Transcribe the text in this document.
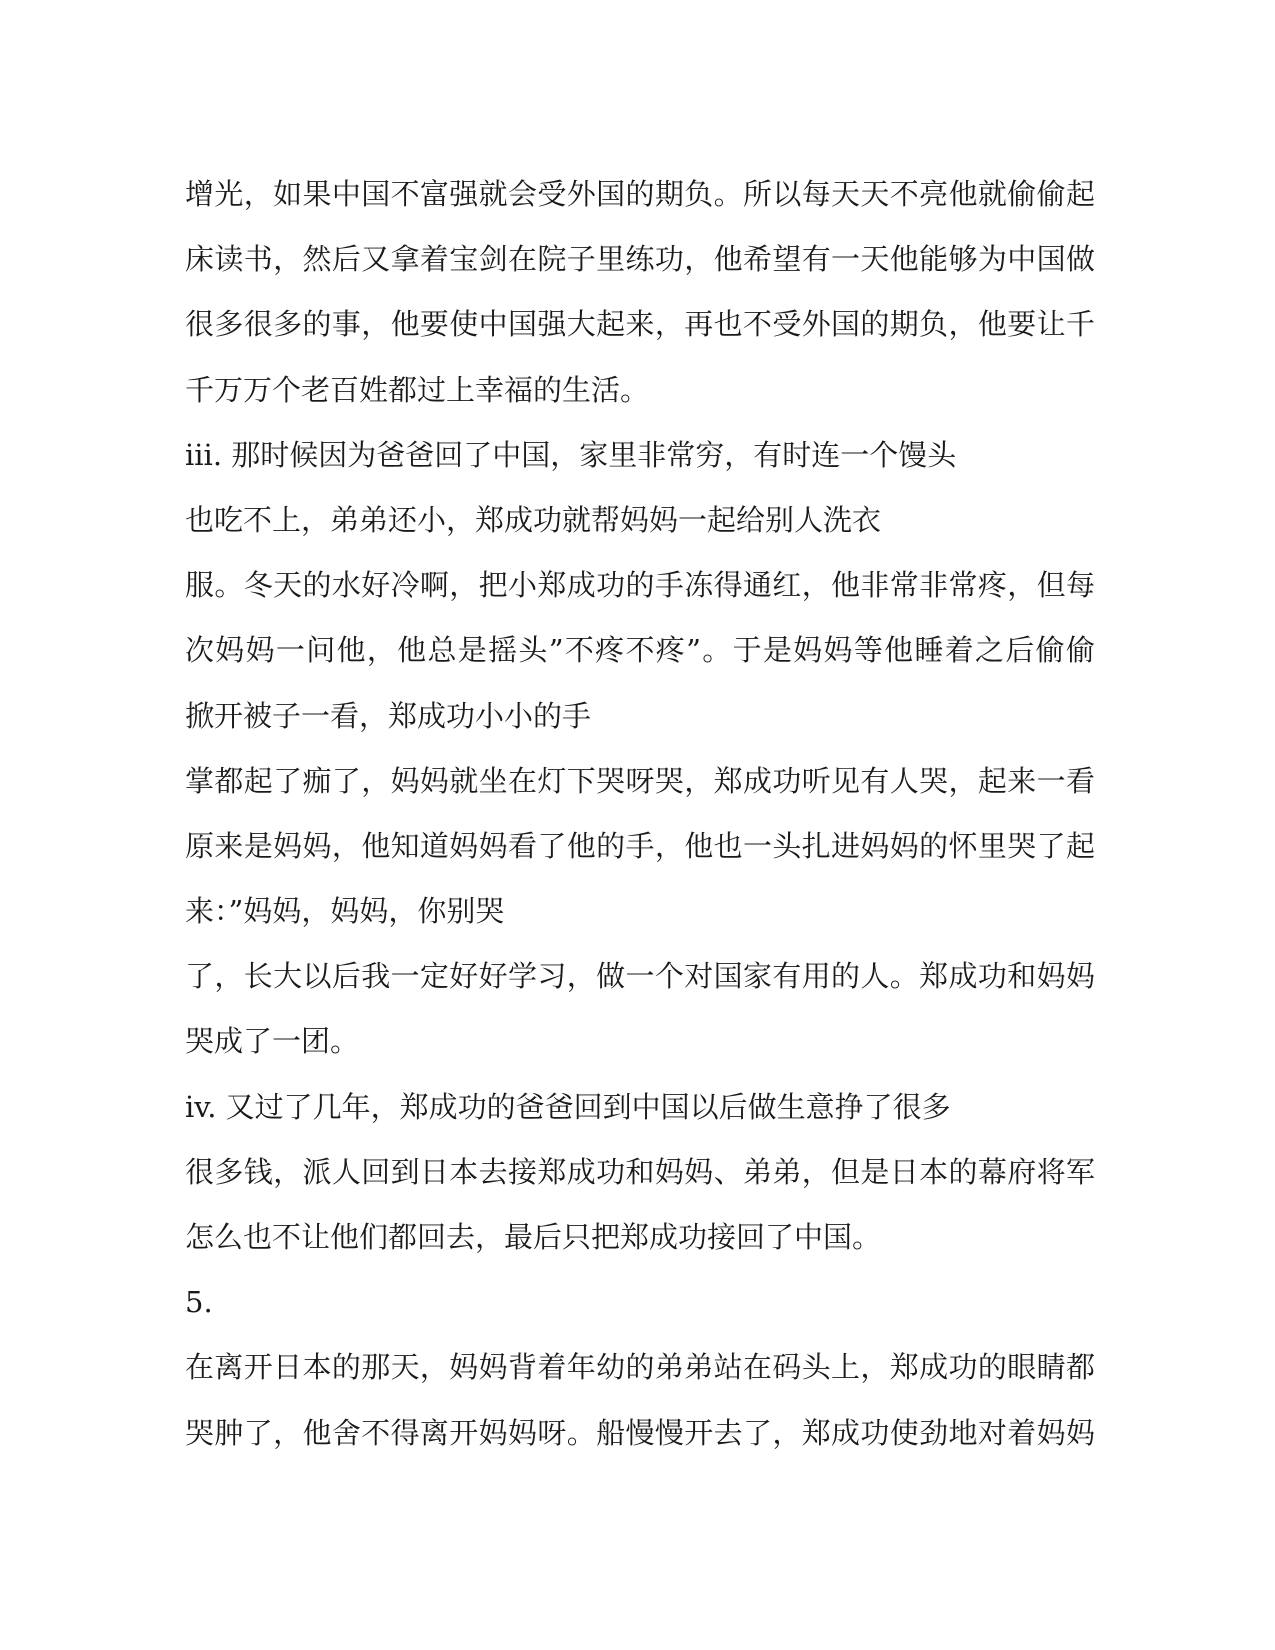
增光，如果中国不富强就会受外国的期负。所以每天天不亮他就偷偷起
床读书，然后又拿着宝剑在院子里练功，他希望有一天他能够为中国做
很多很多的事，他要使中国强大起来，再也不受外国的期负，他要让千
千万万个老百姓都过上幸福的生活。
iii. 那时候因为爸爸回了中国，家里非常穷，有时连一个馒头
也吃不上，弟弟还小，郑成功就帮妈妈一起给别人洗衣
服。冬天的水好冷啊，把小郑成功的手冻得通红，他非常非常疼，但每
次妈妈一问他，他总是摇头”不疼不疼”。于是妈妈等他睡着之后偷偷
掀开被子一看，郑成功小小的手
掌都起了痂了，妈妈就坐在灯下哭呀哭，郑成功听见有人哭，起来一看
原来是妈妈，他知道妈妈看了他的手，他也一头扎进妈妈的怀里哭了起
来：”妈妈，妈妈，你别哭
了，长大以后我一定好好学习，做一个对国家有用的人。郑成功和妈妈
哭成了一团。
iv. 又过了几年，郑成功的爸爸回到中国以后做生意挣了很多
很多钱，派人回到日本去接郑成功和妈妈、弟弟，但是日本的幕府将军
怎么也不让他们都回去，最后只把郑成功接回了中国。
5.
在离开日本的那天，妈妈背着年幼的弟弟站在码头上，郑成功的眼睛都
哭肿了，他舍不得离开妈妈呀。船慢慢开去了，郑成功使劲地对着妈妈
